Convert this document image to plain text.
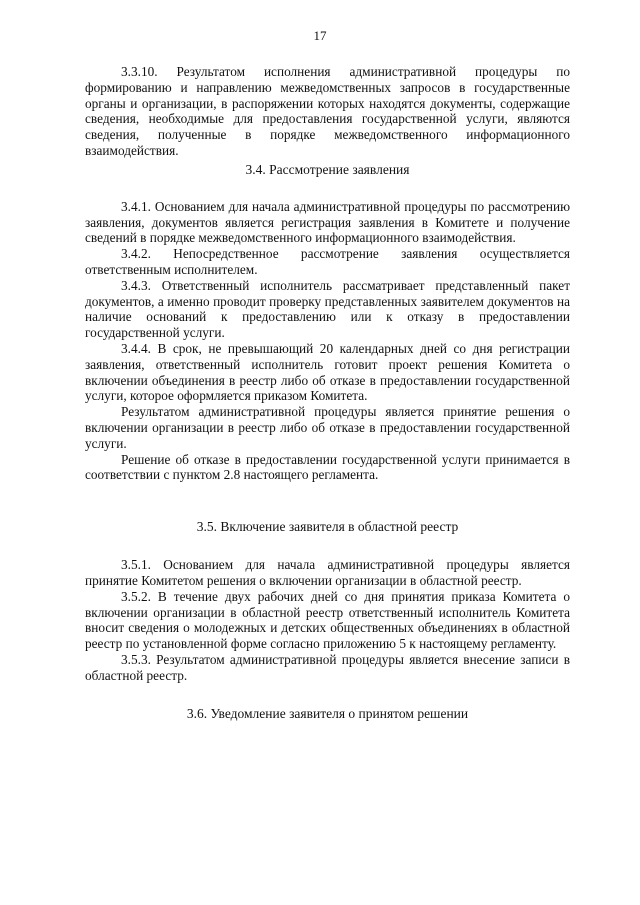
17

3.3.10. Результатом исполнения административной процедуры по формированию и направлению межведомственных запросов в государственные органы и организации, в распоряжении которых находятся документы, содержащие сведения, необходимые для предоставления государственной услуги, являются сведения, полученные в порядке межведомственного информационного взаимодействия.

3.4. Рассмотрение заявления

3.4.1. Основанием для начала административной процедуры по рассмотрению заявления, документов является регистрация заявления в Комитете и получение сведений в порядке межведомственного информационного взаимодействия.

3.4.2. Непосредственное рассмотрение заявления осуществляется ответственным исполнителем.

3.4.3. Ответственный исполнитель рассматривает представленный пакет документов, а именно проводит проверку представленных заявителем документов на наличие оснований к предоставлению или к отказу в предоставлении государственной услуги.

3.4.4. В срок, не превышающий 20 календарных дней со дня регистрации заявления, ответственный исполнитель готовит проект решения Комитета о включении объединения в реестр либо об отказе в предоставлении государственной услуги, которое оформляется приказом Комитета.

Результатом административной процедуры является принятие решения о включении организации в реестр либо об отказе в предоставлении государственной услуги.

Решение об отказе в предоставлении государственной услуги принимается в соответствии с пунктом 2.8 настоящего регламента.

3.5. Включение заявителя в областной реестр

3.5.1. Основанием для начала административной процедуры является принятие Комитетом решения о включении организации в областной реестр.

3.5.2. В течение двух рабочих дней со дня принятия приказа Комитета о включении организации в областной реестр ответственный исполнитель Комитета вносит сведения о молодежных и детских общественных объединениях в областной реестр по установленной форме согласно приложению 5 к настоящему регламенту.

3.5.3. Результатом административной процедуры является внесение записи в областной реестр.

3.6. Уведомление заявителя о принятом решении
